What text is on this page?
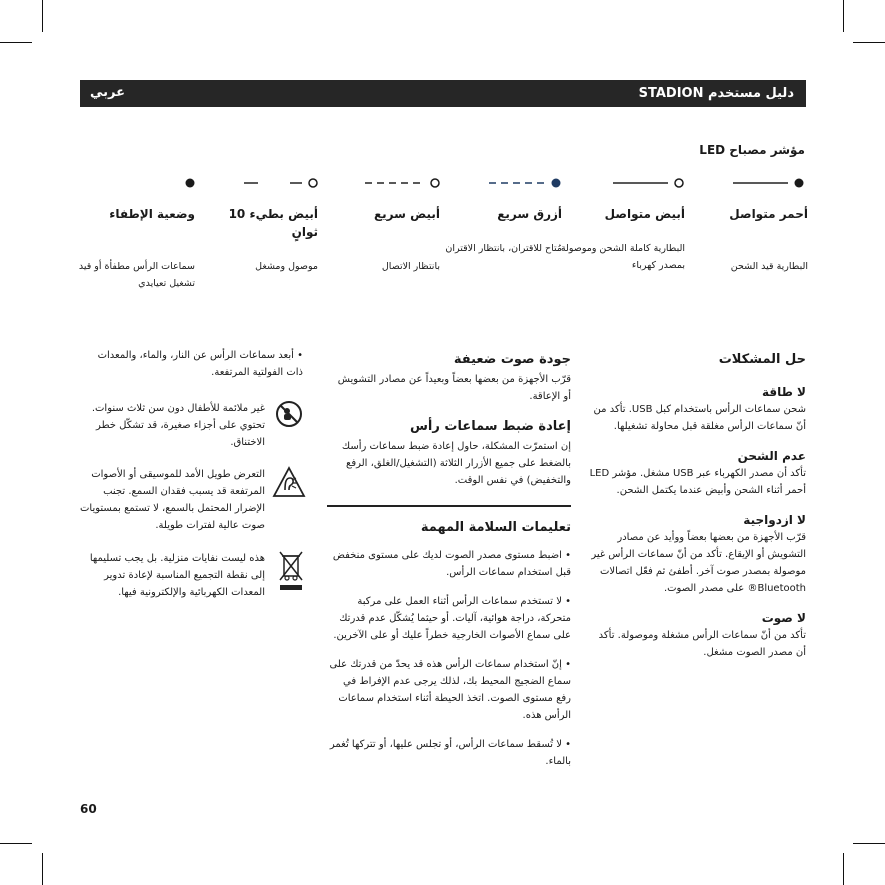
دليل مستخدم STADION
عربي
مؤشر مصباح LED
أحمر متواصل
البطارية قيد الشحن
أبيض متواصل
البطارية كاملة الشحن وموصولة بمصدر كهرباء
أزرق سريع
مُتاح للاقتران، بانتظار الاقتران
أبيض سريع
بانتظار الاتصال
أبيض بطيء 10 ثوانٍ
موصول ومشغل
وضعية الإطفاء
سماعات الرأس مطفأة أو قيد تشغيل تعيايدي
حل المشكلات
لا طاقة

شحن سماعات الرأس باستخدام كبل USB. تأكد من أنّ سماعات الرأس مغلقة قبل محاولة تشغيلها.

عدم الشحن

تأكد أن مصدر الكهرباء عبر USB مشغل. مؤشر LED أحمر أثناء الشحن وأبيض عندما يكتمل الشحن.

لا ازدواجية

قرّب الأجهزة من بعضها بعضاً ووأيد عن مصادر التشويش أو الإيقاع. تأكد من أنّ سماعات الرأس غير موصولة بمصدر صوت آخر. أطفئ ثم فعّل اتصالات Bluetooth® على مصدر الصوت.

لا صوت

تأكد من أنّ سماعات الرأس مشغلة وموصولة. تأكد أن مصدر الصوت مشغل.

جودة صوت ضعيفة

قرّب الأجهزة من بعضها بعضاً وبعيداً عن مصادر التشويش أو الإعاقة.

إعادة ضبط سماعات رأس

إن استمرّت المشكلة، حاول إعادة ضبط سماعات رأسك بالضغط على جميع الأزرار الثلاثة (التشغيل/الغلق، الرفع والتخفيض) في نفس الوقت.

تعليمات السلامة المهمة

• اضبط مستوى مصدر الصوت لديك على مستوى منخفض قبل استخدام سماعات الرأس.

• لا تستخدم سماعات الرأس أثناء العمل على مركبة متحركة، دراجة هوائية، آليات. أو حيثما يُشكّل عدم قدرتك على سماع الأصوات الخارجية خطراً عليك أو على الآخرين.

• إنّ استخدام سماعات الرأس هذه قد يحدّ من قدرتك على سماع الضجيج المحيط بك، لذلك يرجى عدم الإفراط في رفع مستوى الصوت. اتخذ الحيطة أثناء استخدام سماعات الرأس هذه.

• لا تُسقط سماعات الرأس، أو تجلس عليها، أو تتركها تُغمر بالماء.

• أبعد سماعات الرأس عن النار، والماء، والمعدات ذات الفولتية المرتفعة.
غير ملائمة للأطفال دون سن ثلاث سنوات. تحتوي على أجزاء صغيرة، قد تشكّل خطر الاختناق.
التعرض طويل الأمد للموسيقى أو الأصوات المرتفعة قد يسبب فقدان السمع. تجنب الإضرار المحتمل بالسمع، لا تستمع بمستويات صوت عالية لفترات طويلة.
هذه ليست نفايات منزلية. بل يجب تسليمها إلى نقطة التجميع المناسبة لإعادة تدوير المعدات الكهربائية والإلكترونية فيها.
60
